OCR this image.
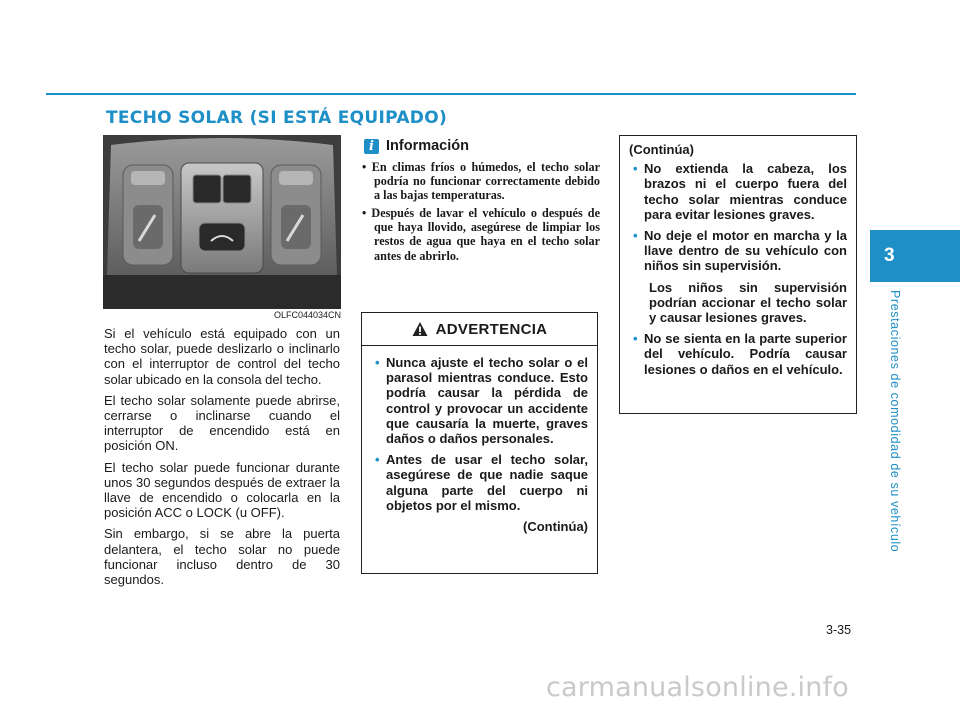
TECHO SOLAR (SI ESTÁ EQUIPADO)
3
Prestaciones de comodidad de su vehículo
OLFC044034CN

Si el vehículo está equipado con un techo solar, puede deslizarlo o inclinarlo con el interruptor de control del techo solar ubicado en la consola del techo.

El techo solar solamente puede abrirse, cerrarse o inclinarse cuando el interruptor de encendido está en posición ON.

El techo solar puede funcionar durante unos 30 segundos después de extraer la llave de encendido o colocarla en la posición ACC o LOCK (u OFF).

Sin embargo, si se abre la puerta delantera, el techo solar no puede funcionar incluso dentro de 30 segundos.

i Información
• En climas fríos o húmedos, el techo solar podría no funcionar correctamente debido a las bajas temperaturas.
• Después de lavar el vehículo o después de que haya llovido, asegúrese de limpiar los restos de agua que haya en el techo solar antes de abrirlo.
ADVERTENCIA
• Nunca ajuste el techo solar o el parasol mientras conduce. Esto podría causar la pérdida de control y provocar un accidente que causaría la muerte, graves daños o daños personales.
• Antes de usar el techo solar, asegúrese de que nadie saque alguna parte del cuerpo ni objetos por el mismo.
(Continúa)
(Continúa)
• No extienda la cabeza, los brazos ni el cuerpo fuera del techo solar mientras conduce para evitar lesiones graves.
• No deje el motor en marcha y la llave dentro de su vehículo con niños sin supervisión.
Los niños sin supervisión podrían accionar el techo solar y causar lesiones graves.
• No se sienta en la parte superior del vehículo. Podría causar lesiones o daños en el vehículo.
3-35
carmanualsonline.info
